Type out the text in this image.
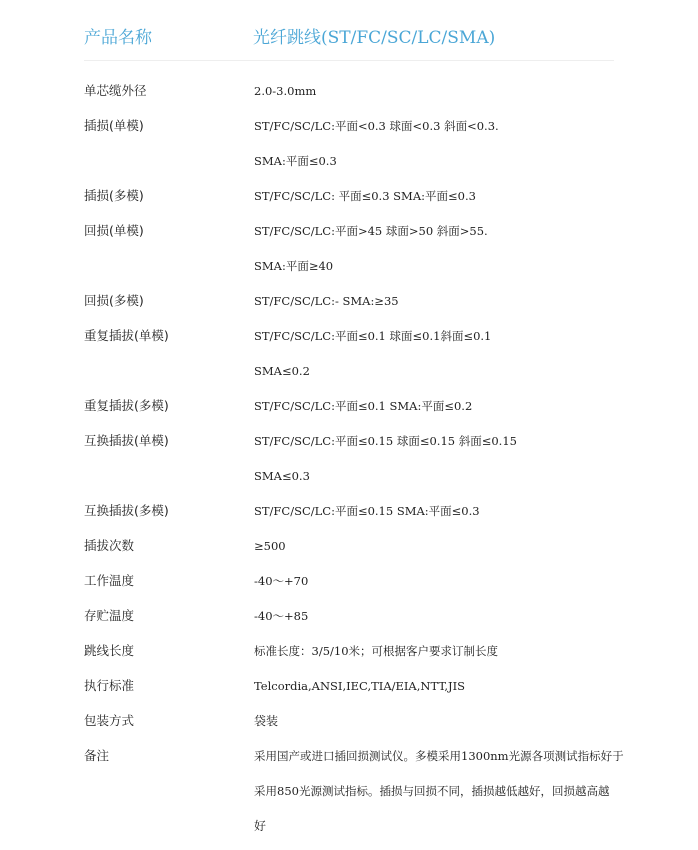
产品名称	光纤跳线(ST/FC/SC/LC/SMA)
单芯缆外径	2.0-3.0mm
插损(单模)	ST/FC/SC/LC:平面<0.3 球面<0.3 斜面<0.3.
SMA:平面≤0.3
插损(多模)	ST/FC/SC/LC: 平面≤0.3 SMA:平面≤0.3
回损(单模)	ST/FC/SC/LC:平面>45 球面>50 斜面>55.
SMA:平面≥40
回损(多模)	ST/FC/SC/LC:- SMA:≥35
重复插拔(单模)	ST/FC/SC/LC:平面≤0.1 球面≤0.1斜面≤0.1
SMA≤0.2
重复插拔(多模)	ST/FC/SC/LC:平面≤0.1 SMA:平面≤0.2
互换插拔(单模)	ST/FC/SC/LC:平面≤0.15 球面≤0.15 斜面≤0.15
SMA≤0.3
互换插拔(多模)	ST/FC/SC/LC:平面≤0.15 SMA:平面≤0.3
插拔次数	≥500
工作温度	-40～+70
存贮温度	-40～+85
跳线长度	标准长度：3/5/10米；可根据客户要求订制长度
执行标准	Telcordia,ANSI,IEC,TIA/EIA,NTT,JIS
包装方式	袋装
备注	采用国产或进口插回损测试仪。多模采用1300nm光源各项测试指标好于
采用850光源测试指标。插损与回损不同，插损越低越好，回损越高越
好
